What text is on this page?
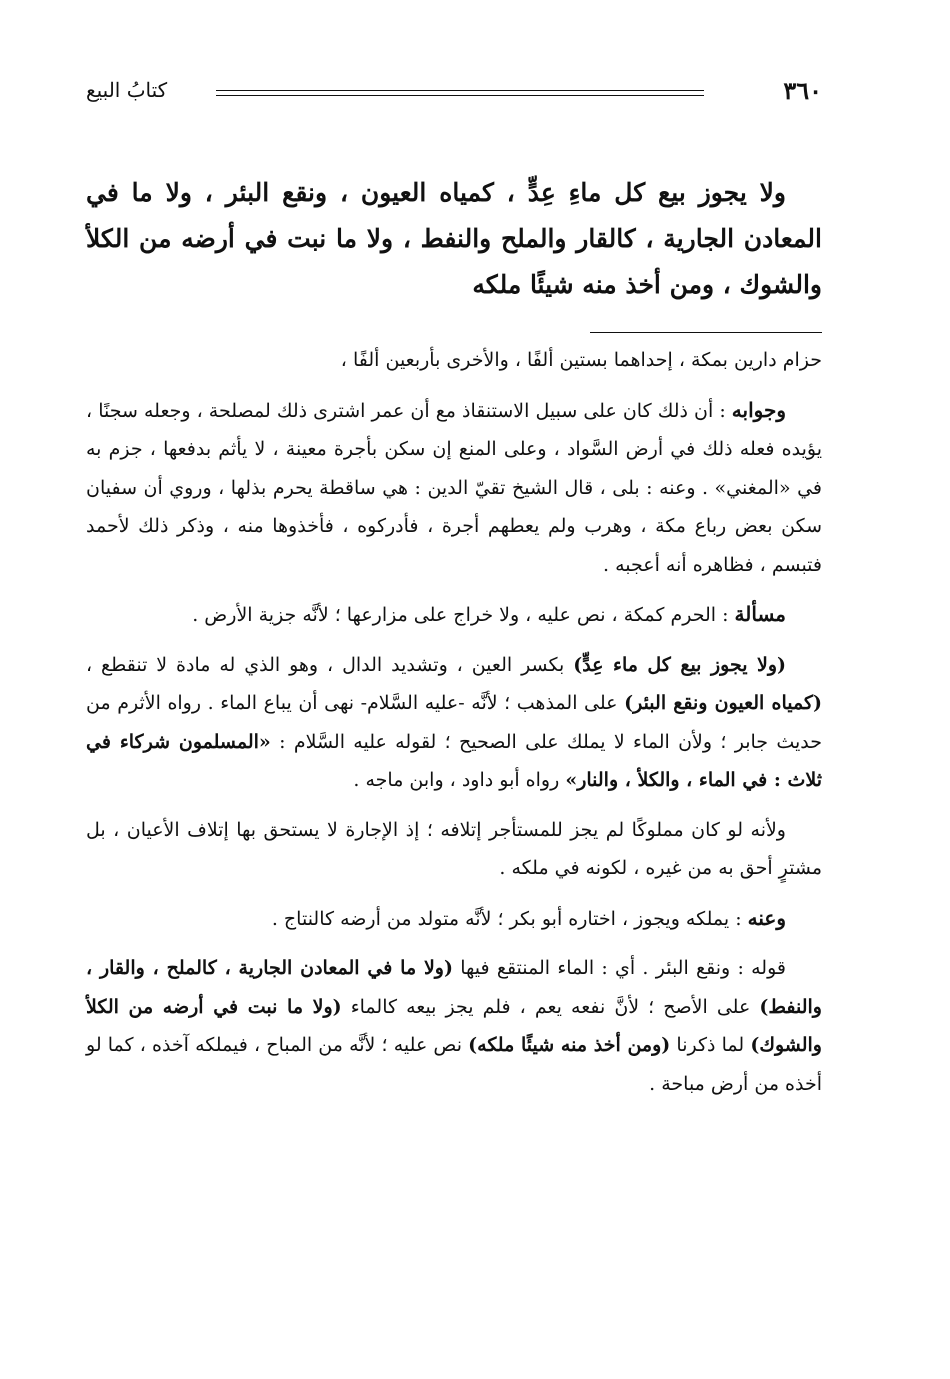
٣٦٠
كتابُ البيع
ولا يجوز بيع كل ماءِ عِدٍّ ، كمياه العيون ، ونقع البئر ، ولا ما في المعادن الجارية ، كالقار والملح والنفط ، ولا ما نبت في أرضه من الكلأ والشوك ، ومن أخذ منه شيئًا ملكه

حزام دارين بمكة ، إحداهما بستين ألفًا ، والأخرى بأربعين ألفًا ،

وجوابه : أن ذلك كان على سبيل الاستنقاذ مع أن عمر اشترى ذلك لمصلحة ، وجعله سجنًا ، يؤيده فعله ذلك في أرض السَّواد ، وعلى المنع إن سكن بأجرة معينة ، لا يأثم بدفعها ، جزم به في «المغني» . وعنه : بلى ، قال الشيخ تقيّ الدين : هي ساقطة يحرم بذلها ، وروي أن سفيان سكن بعض رباع مكة ، وهرب ولم يعطهم أجرة ، فأدركوه ، فأخذوها منه ، وذكر ذلك لأحمد فتبسم ، فظاهره أنه أعجبه .

مسألة : الحرم كمكة ، نص عليه ، ولا خراج على مزارعها ؛ لأنَّه جزية الأرض .

(ولا يجوز بيع كل ماء عِدٍّ) بكسر العين ، وتشديد الدال ، وهو الذي له مادة لا تنقطع ، (كمياه العيون ونقع البئر) على المذهب ؛ لأنَّه -عليه السَّلام- نهى أن يباع الماء . رواه الأثرم من حديث جابر ؛ ولأن الماء لا يملك على الصحيح ؛ لقوله عليه السَّلام : «المسلمون شركاء في ثلاث : في الماء ، والكلأ ، والنار» رواه أبو داود ، وابن ماجه .

ولأنه لو كان مملوكًا لم يجز للمستأجر إتلافه ؛ إذ الإجارة لا يستحق بها إتلاف الأعيان ، بل مشترٍ أحق به من غيره ، لكونه في ملكه .

وعنه : يملكه ويجوز ، اختاره أبو بكر ؛ لأنَّه متولد من أرضه كالنتاج .

قوله : ونقع البئر . أي : الماء المنتقع فيها (ولا ما في المعادن الجارية ، كالملح ، والقار ، والنفط) على الأصح ؛ لأنَّ نفعه يعم ، فلم يجز بيعه كالماء (ولا ما نبت في أرضه من الكلأ والشوك) لما ذكرنا (ومن أخذ منه شيئًا ملكه) نص عليه ؛ لأنَّه من المباح ، فيملكه آخذه ، كما لو أخذه من أرض مباحة .
